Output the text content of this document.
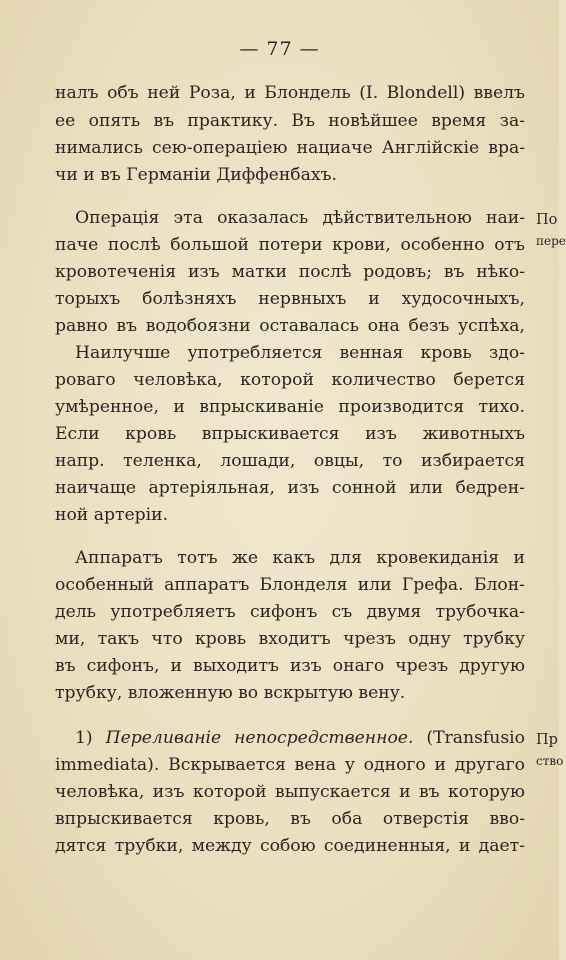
— 77 —
налъ объ ней Роза, и Блондель (I. Blondell) ввелъ
ее опять въ практику. Въ новѣйшее время за-
нимались сею-операціею нациаче Англійскіе вра-
чи и въ Германіи Диффенбахъ.
Операція эта оказалась дѣйствительною наи-
паче послѣ большой потери крови, особенно отъ
кровотеченія изъ матки послѣ родовъ; въ нѣко-
торыхъ болѣзняхъ нервныхъ и худосочныхъ,
равно въ водобоязни оставалась она безъ успѣха,
Наилучше употребляется венная кровь здо-
роваго человѣка, которой количество берется
умѣренное, и впрыскиваніе производится тихо.
Если кровь впрыскивается изъ животныхъ
напр. теленка, лошади, овцы, то избирается
наичаще артеріяльная, изъ сонной или бедрен-
ной артеріи.
Аппаратъ тотъ же какъ для кровекиданія и
особенный аппаратъ Блонделя или Грефа. Блон-
дель употребляетъ сифонъ съ двумя трубочка-
ми, такъ что кровь входитъ чрезъ одну трубку
въ сифонъ, и выходитъ изъ онаго чрезъ другую
трубку, вложенную во вскрытую вену.
1) Переливаніе непосредственное. (Transfusio
immediata). Вскрывается вена у одного и другаго
человѣка, изъ которой выпускается и въ которую
впрыскивается кровь, въ оба отверстія вво-
дятся трубки, между собою соединенныя, и дает-
По
пере
Пр
ство
